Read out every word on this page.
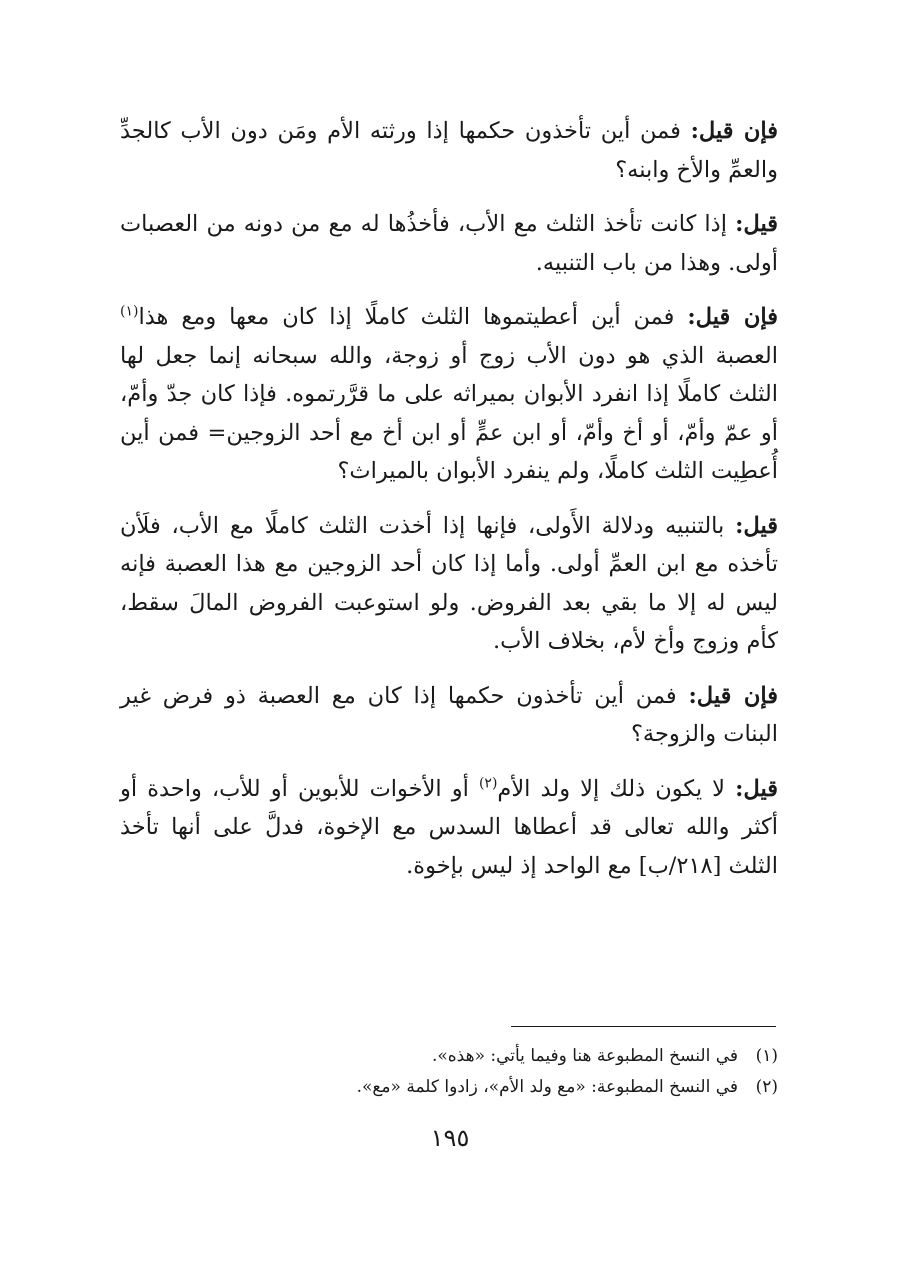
فإن قيل: فمن أين تأخذون حكمها إذا ورثته الأم ومَن دون الأب كالجدِّ والعمِّ والأخ وابنه؟

قيل: إذا كانت تأخذ الثلث مع الأب، فأخذُها له مع من دونه من العصبات أولى. وهذا من باب التنبيه.

فإن قيل: فمن أين أعطيتموها الثلث كاملًا إذا كان معها ومع هذا$^{(١)}$ العصبة الذي هو دون الأب زوج أو زوجة، والله سبحانه إنما جعل لها الثلث كاملًا إذا انفرد الأبوان بميراثه على ما قرَّرتموه. فإذا كان جدّ وأمّ، أو عمّ وأمّ، أو أخ وأمّ، أو ابن عمٍّ أو ابن أخ مع أحد الزوجين= فمن أين أُعطِيت الثلث كاملًا، ولم ينفرد الأبوان بالميراث؟

قيل: بالتنبيه ودلالة الأَولى، فإنها إذا أخذت الثلث كاملًا مع الأب، فلَأن تأخذه مع ابن العمِّ أولى. وأما إذا كان أحد الزوجين مع هذا العصبة فإنه ليس له إلا ما بقي بعد الفروض. ولو استوعبت الفروض المالَ سقط، كأم وزوج وأخ لأم، بخلاف الأب.

فإن قيل: فمن أين تأخذون حكمها إذا كان مع العصبة ذو فرض غير البنات والزوجة؟

قيل: لا يكون ذلك إلا ولد الأم$^{(٢)}$ أو الأخوات للأبوين أو للأب، واحدة أو أكثر والله تعالى قد أعطاها السدس مع الإخوة، فدلَّ على أنها تأخذ الثلث [٢١٨/ب] مع الواحد إذ ليس بإخوة.

(١)في النسخ المطبوعة هنا وفيما يأتي: «هذه».

(٢)في النسخ المطبوعة: «مع ولد الأم»، زادوا كلمة «مع».

١٩٥
